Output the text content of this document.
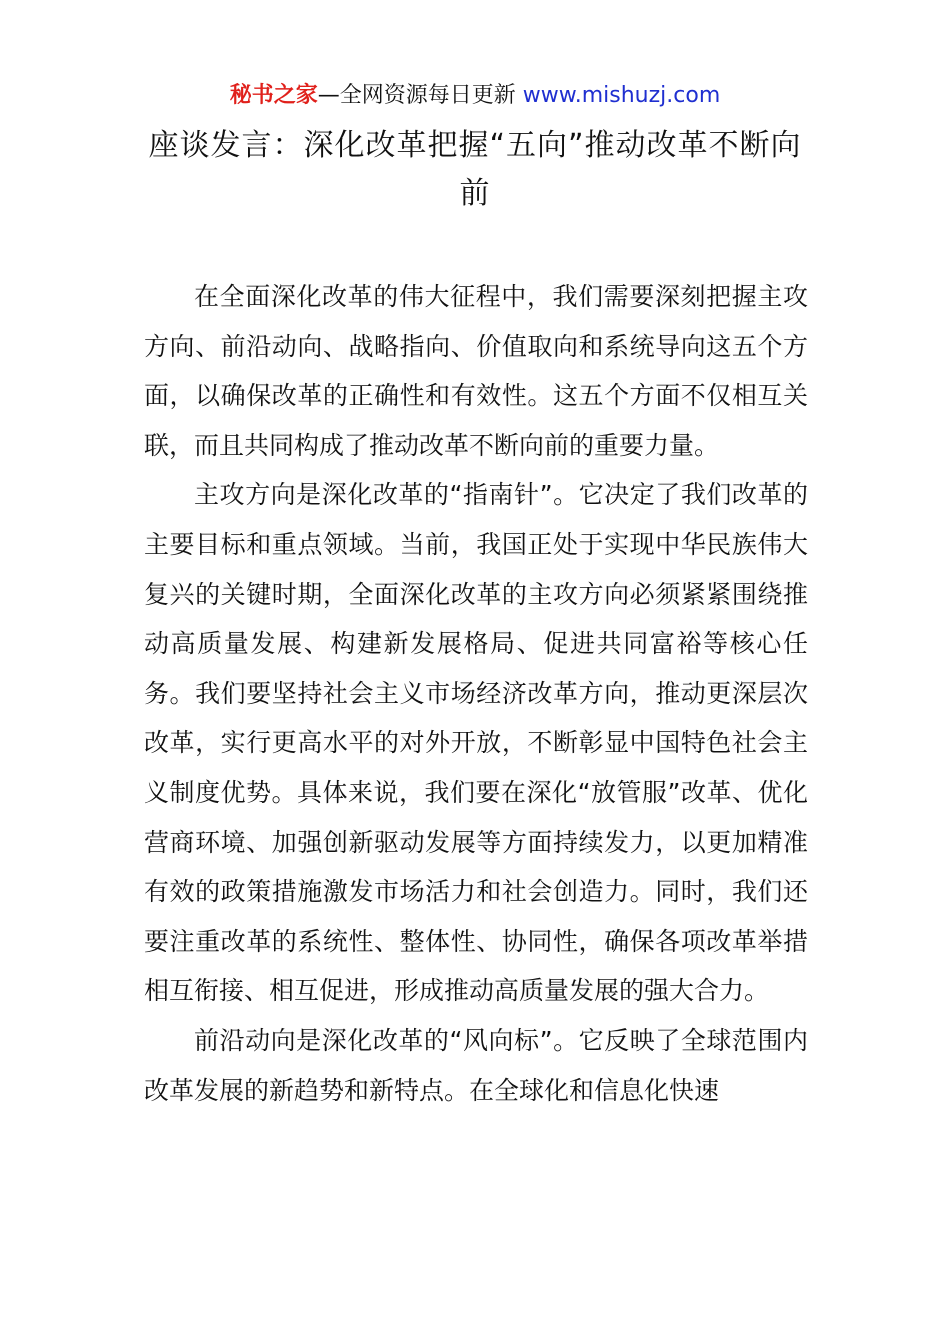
秘书之家—全网资源每日更新 www.mishuzj.com
座谈发言：深化改革把握“五向”推动改革不断向前

在全面深化改革的伟大征程中，我们需要深刻把握主攻方向、前沿动向、战略指向、价值取向和系统导向这五个方面，以确保改革的正确性和有效性。这五个方面不仅相互关联，而且共同构成了推动改革不断向前的重要力量。

主攻方向是深化改革的“指南针”。它决定了我们改革的主要目标和重点领域。当前，我国正处于实现中华民族伟大复兴的关键时期，全面深化改革的主攻方向必须紧紧围绕推动高质量发展、构建新发展格局、促进共同富裕等核心任务。我们要坚持社会主义市场经济改革方向，推动更深层次改革，实行更高水平的对外开放，不断彰显中国特色社会主义制度优势。具体来说，我们要在深化“放管服”改革、优化营商环境、加强创新驱动发展等方面持续发力，以更加精准有效的政策措施激发市场活力和社会创造力。同时，我们还要注重改革的系统性、整体性、协同性，确保各项改革举措相互衔接、相互促进，形成推动高质量发展的强大合力。

前沿动向是深化改革的“风向标”。它反映了全球范围内改革发展的新趋势和新特点。在全球化和信息化快速
